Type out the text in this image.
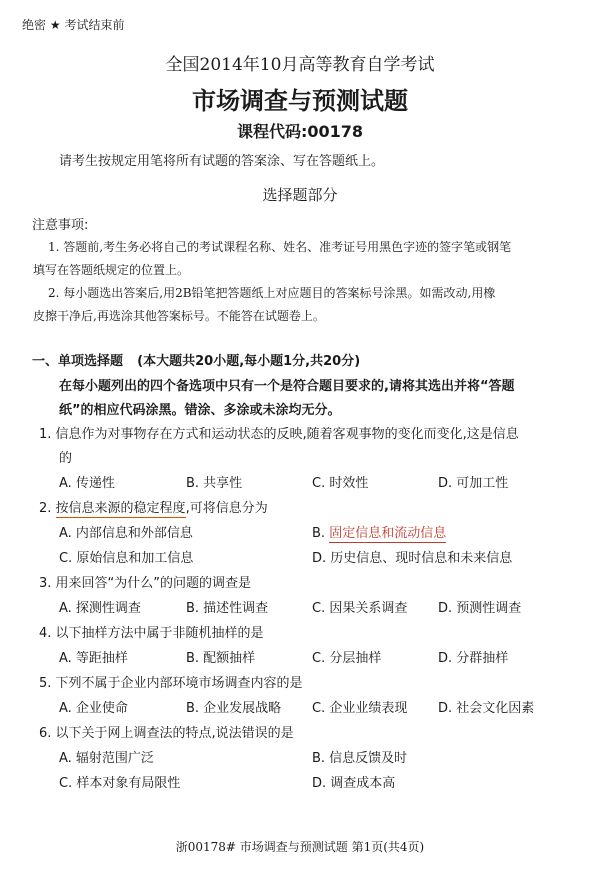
绝密 ★ 考试结束前
全国2014年10月高等教育自学考试
市场调查与预测试题
课程代码:00178
请考生按规定用笔将所有试题的答案涂、写在答题纸上。
选择题部分
注意事项:
1. 答题前,考生务必将自己的考试课程名称、姓名、准考证号用黑色字迹的签字笔或钢笔
填写在答题纸规定的位置上。
2. 每小题选出答案后,用2B铅笔把答题纸上对应题目的答案标号涂黑。如需改动,用橡
皮擦干净后,再选涂其他答案标号。不能答在试题卷上。
一、单项选择题 (本大题共20小题,每小题1分,共20分)
在每小题列出的四个备选项中只有一个是符合题目要求的,请将其选出并将“答题
纸”的相应代码涂黑。错涂、多涂或未涂均无分。
1. 信息作为对事物存在方式和运动状态的反映,随着客观事物的变化而变化,这是信息
的
A. 传递性	B. 共享性	C. 时效性	D. 可加工性
2. 按信息来源的稳定程度,可将信息分为
A. 内部信息和外部信息	B. 固定信息和流动信息
C. 原始信息和加工信息	D. 历史信息、现时信息和未来信息
3. 用来回答“为什么”的问题的调查是
A. 探测性调查	B. 描述性调查	C. 因果关系调查 D. 预测性调查
4. 以下抽样方法中属于非随机抽样的是
A. 等距抽样	B. 配额抽样	C. 分层抽样	D. 分群抽样
5. 下列不属于企业内部环境市场调查内容的是
A. 企业使命	B. 企业发展战略 C. 企业业绩表现 D. 社会文化因素
6. 以下关于网上调查法的特点,说法错误的是
A. 辐射范围广泛	B. 信息反馈及时
C. 样本对象有局限性	D. 调查成本高
浙00178# 市场调查与预测试题 第1页(共4页)
